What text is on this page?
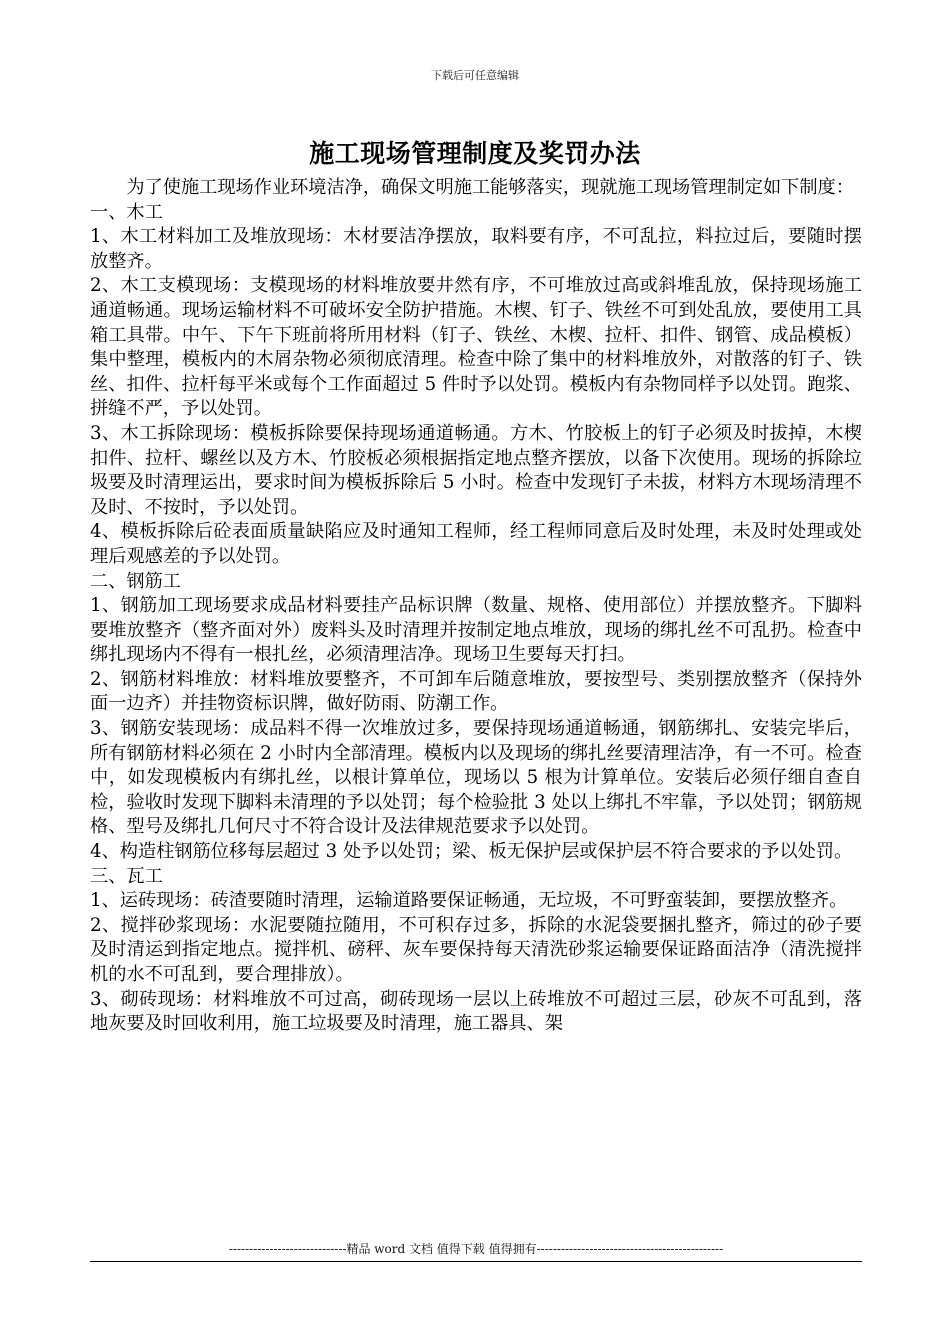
下载后可任意编辑
施工现场管理制度及奖罚办法

为了使施工现场作业环境洁净，确保文明施工能够落实，现就施工现场管理制定如下制度：

一、木工

1、木工材料加工及堆放现场：木材要洁净摆放，取料要有序，不可乱拉，料拉过后，要随时摆放整齐。

2、木工支模现场：支模现场的材料堆放要井然有序，不可堆放过高或斜堆乱放，保持现场施工通道畅通。现场运输材料不可破坏安全防护措施。木楔、钉子、铁丝不可到处乱放，要使用工具箱工具带。中午、下午下班前将所用材料（钉子、铁丝、木楔、拉杆、扣件、钢管、成品模板）集中整理，模板内的木屑杂物必须彻底清理。检查中除了集中的材料堆放外，对散落的钉子、铁丝、扣件、拉杆每平米或每个工作面超过 5 件时予以处罚。模板内有杂物同样予以处罚。跑浆、拼缝不严，予以处罚。

3、木工拆除现场：模板拆除要保持现场通道畅通。方木、竹胶板上的钉子必须及时拔掉，木楔扣件、拉杆、螺丝以及方木、竹胶板必须根据指定地点整齐摆放，以备下次使用。现场的拆除垃圾要及时清理运出，要求时间为模板拆除后 5 小时。检查中发现钉子未拔，材料方木现场清理不及时、不按时，予以处罚。

4、模板拆除后砼表面质量缺陷应及时通知工程师，经工程师同意后及时处理，未及时处理或处理后观感差的予以处罚。

二、钢筋工

1、钢筋加工现场要求成品材料要挂产品标识牌（数量、规格、使用部位）并摆放整齐。下脚料要堆放整齐（整齐面对外）废料头及时清理并按制定地点堆放，现场的绑扎丝不可乱扔。检查中绑扎现场内不得有一根扎丝，必须清理洁净。现场卫生要每天打扫。

2、钢筋材料堆放：材料堆放要整齐，不可卸车后随意堆放，要按型号、类别摆放整齐（保持外面一边齐）并挂物资标识牌，做好防雨、防潮工作。

3、钢筋安装现场：成品料不得一次堆放过多，要保持现场通道畅通，钢筋绑扎、安装完毕后，所有钢筋材料必须在 2 小时内全部清理。模板内以及现场的绑扎丝要清理洁净，有一不可。检查中，如发现模板内有绑扎丝，以根计算单位，现场以 5 根为计算单位。安装后必须仔细自查自检，验收时发现下脚料未清理的予以处罚；每个检验批 3 处以上绑扎不牢靠，予以处罚；钢筋规格、型号及绑扎几何尺寸不符合设计及法律规范要求予以处罚。

4、构造柱钢筋位移每层超过 3 处予以处罚；梁、板无保护层或保护层不符合要求的予以处罚。

三、瓦工

1、运砖现场：砖渣要随时清理，运输道路要保证畅通，无垃圾，不可野蛮装卸，要摆放整齐。

2、搅拌砂浆现场：水泥要随拉随用，不可积存过多，拆除的水泥袋要捆扎整齐，筛过的砂子要及时清运到指定地点。搅拌机、磅秤、灰车要保持每天清洗砂浆运输要保证路面洁净（清洗搅拌机的水不可乱到，要合理排放）。

3、砌砖现场：材料堆放不可过高，砌砖现场一层以上砖堆放不可超过三层，砂灰不可乱到，落地灰要及时回收利用，施工垃圾要及时清理，施工器具、架

-----------------------------精品 word 文档 值得下载 值得拥有----------------------------------------------
